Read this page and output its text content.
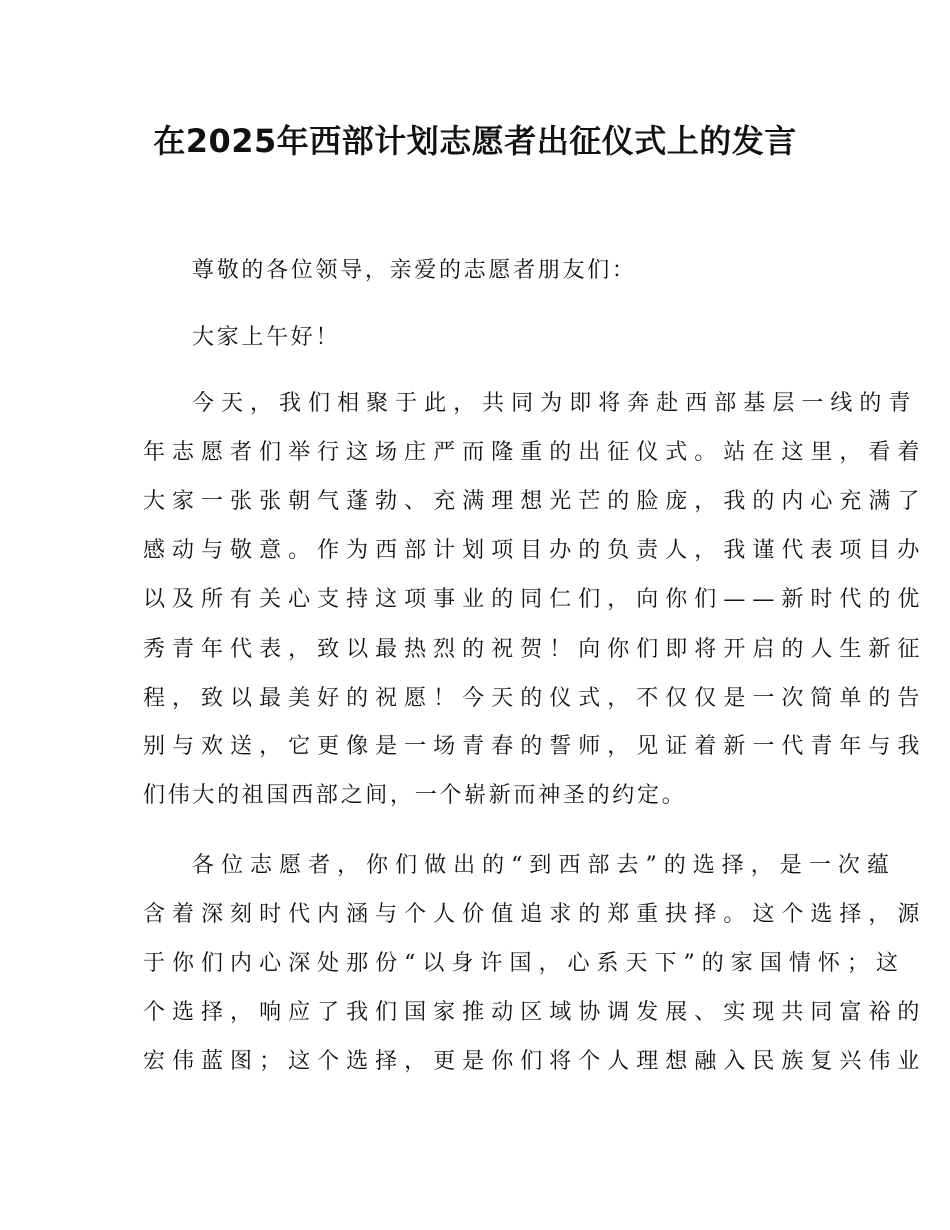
在2025年西部计划志愿者出征仪式上的发言
尊敬的各位领导，亲爱的志愿者朋友们：
大家上午好！
今 天 ， 我 们 相 聚 于 此 ， 共 同 为 即 将 奔 赴 西 部 基 层 一 线 的 青
年 志 愿 者 们 举 行 这 场 庄 严 而 隆 重 的 出 征 仪 式 。 站 在 这 里 ， 看 着
大 家 一 张 张 朝 气 蓬 勃 、 充 满 理 想 光 芒 的 脸 庞 ， 我 的 内 心 充 满 了
感 动 与 敬 意 。 作 为 西 部 计 划 项 目 办 的 负 责 人 ， 我 谨 代 表 项 目 办
以 及 所 有 关 心 支 持 这 项 事 业 的 同 仁 们 ， 向 你 们 — — 新 时 代 的 优
秀 青 年 代 表 ， 致 以 最 热 烈 的 祝 贺 ！ 向 你 们 即 将 开 启 的 人 生 新 征
程 ， 致 以 最 美 好 的 祝 愿 ！ 今 天 的 仪 式 ， 不 仅 仅 是 一 次 简 单 的 告
别 与 欢 送 ， 它 更 像 是 一 场 青 春 的 誓 师 ， 见 证 着 新 一 代 青 年 与 我
们伟大的祖国西部之间，一个崭新而神圣的约定。
各 位 志 愿 者 ， 你 们 做 出 的 “ 到 西 部 去 ” 的 选 择 ， 是 一 次 蕴
含 着 深 刻 时 代 内 涵 与 个 人 价 值 追 求 的 郑 重 抉 择 。 这 个 选 择 ， 源
于 你 们 内 心 深 处 那 份 “ 以 身 许 国 ， 心 系 天 下 ” 的 家 国 情 怀 ； 这
个 选 择 ， 响 应 了 我 们 国 家 推 动 区 域 协 调 发 展 、 实 现 共 同 富 裕 的
宏 伟 蓝 图 ； 这 个 选 择 ， 更 是 你 们 将 个 人 理 想 融 入 民 族 复 兴 伟 业
